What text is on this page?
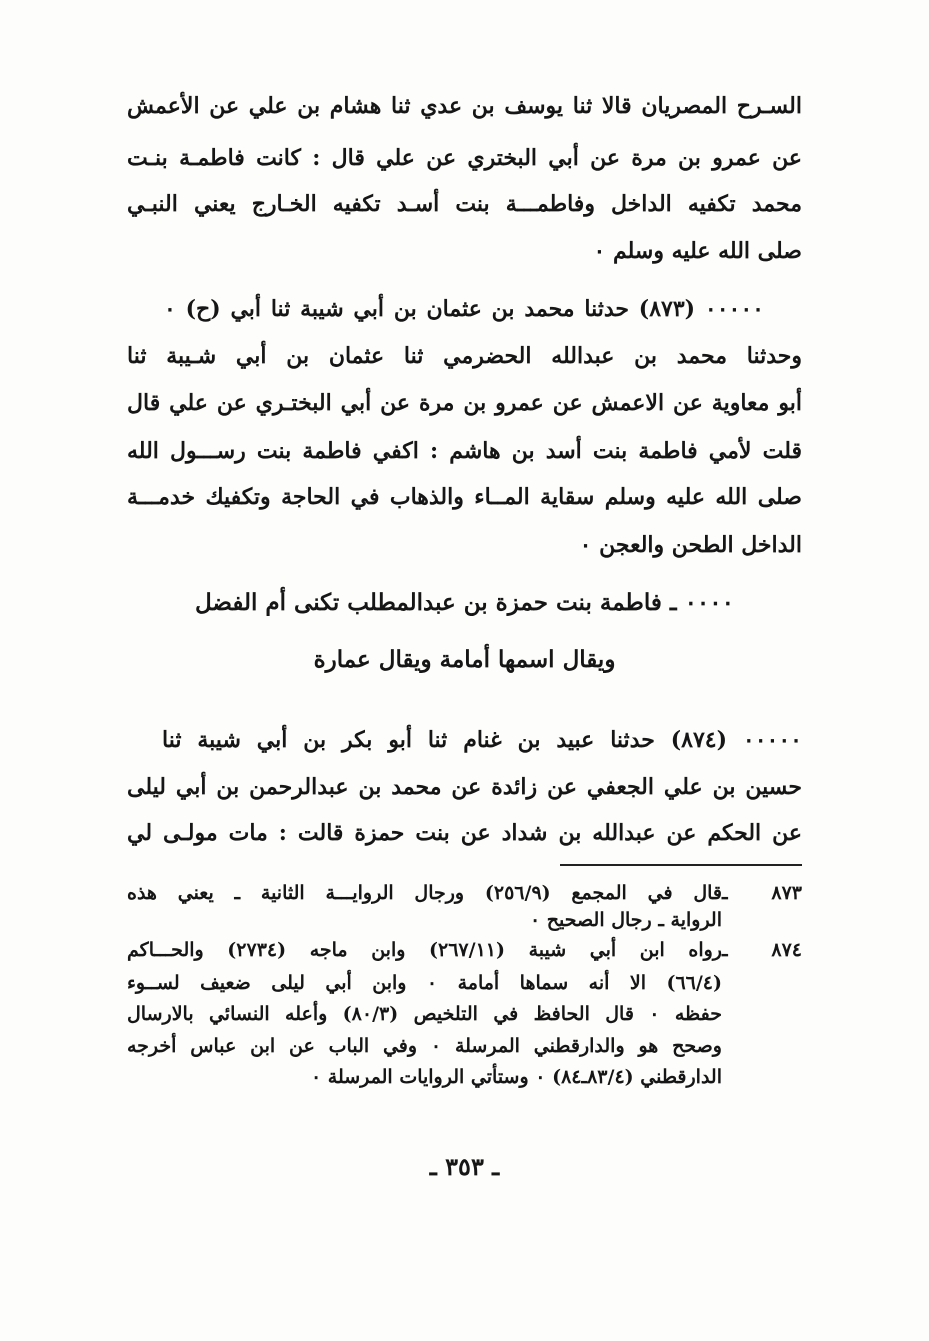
السـرح المصريان قالا ثنا يوسف بن عدي ثنا هشام بن علي عن الأعمش
عن عمرو بن مرة عن أبي البختري عن علي قال : كانت فاطمـة بنـت
محمد تكفيه الداخل وفاطمـــة بنت أسـد تكفيه الخـارج يعني النبـي
صلى الله عليه وسلم ٠
٠٠٠٠٠ (٨٧٣) حدثنا محمد بن عثمان بن أبي شيبة ثنا أبي (ح) ٠
وحدثنا محمد بن عبدالله الحضرمي ثنا عثمان بن أبي شـيبة ثنا
أبو معاوية عن الاعمش عن عمرو بن مرة عن أبي البختـري عن علي قال
قلت لأمي فاطمة بنت أسد بن هاشم : اكفي فاطمة بنت رســـول الله
صلى الله عليه وسلم سقاية المــاء والذهاب في الحاجة وتكفيك خدمـــة
الداخل الطحن والعجن ٠
٠٠٠٠ ـ فاطمة بنت حمزة بن عبدالمطلب تكنى أم الفضل
ويقال اسمها أمامة ويقال عمارة
٠٠٠٠٠ (٨٧٤) حدثنا عبيد بن غنام ثنا أبو بكر بن أبي شيبة ثنا
حسين بن علي الجعفي عن زائدة عن محمد بن عبدالرحمن بن أبي ليلى
عن الحكم عن عبدالله بن شداد عن بنت حمزة قالت : مات مولـى لي
٨٧٣ ـ
قال في المجمع (٢٥٦/٩) ورجال الروايـــة الثانية ـ يعني هذه
الرواية ـ رجال الصحيح ٠
٨٧٤ ـ
رواه ابن أبي شيبة (٢٦٧/١١) وابن ماجه (٢٧٣٤) والحـــاكم
(٦٦/٤) الا أنه سماها أمامة ٠ وابن أبي ليلى ضعيف لســوء
حفظه ٠ قال الحافظ في التلخيص (٨٠/٣) وأعله النسائي بالارسال
وصحح هو والدارقطني المرسلة ٠ وفي الباب عن ابن عباس أخرجه
الدارقطني (٨٣/٤ـ٨٤) ٠ وستأتي الروايات المرسلة ٠
ـ ٣٥٣ ـ
